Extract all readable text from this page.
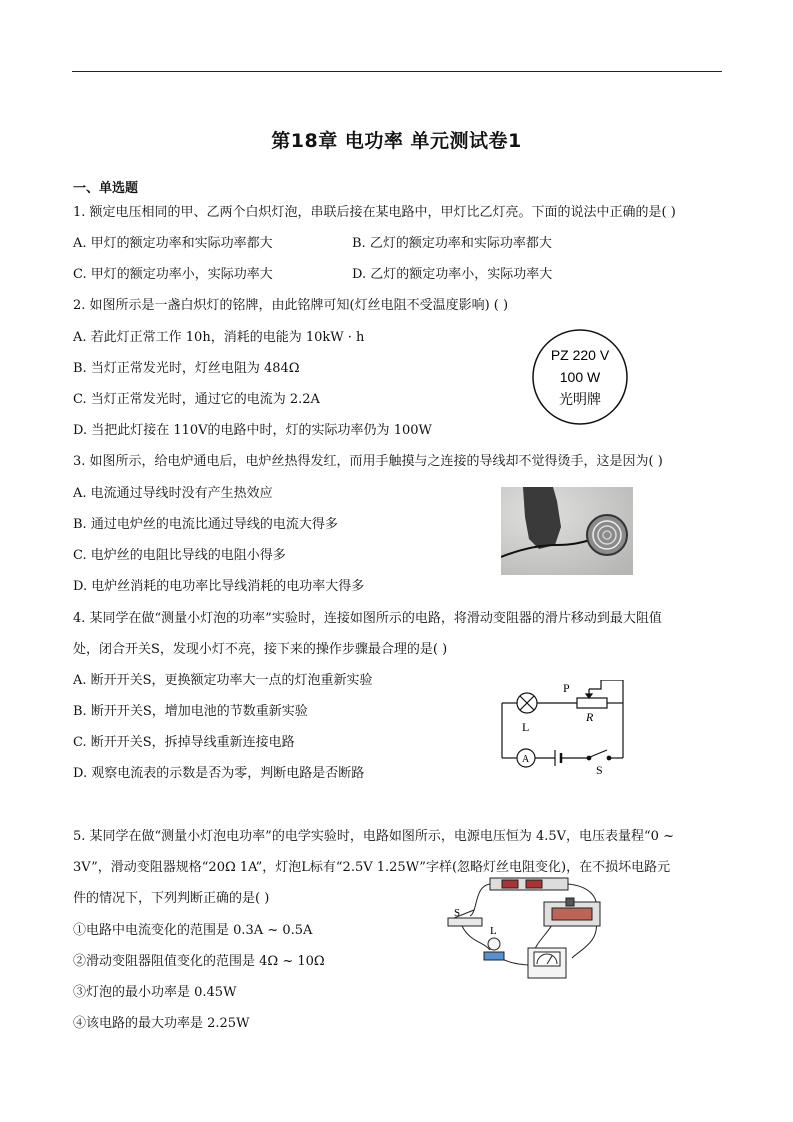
第18章 电功率 单元测试卷1
一、单选题
1. 额定电压相同的甲、乙两个白炽灯泡，串联后接在某电路中，甲灯比乙灯亮。下面的说法中正确的是( )
A. 甲灯的额定功率和实际功率都大	B. 乙灯的额定功率和实际功率都大
C. 甲灯的额定功率小，实际功率大	D. 乙灯的额定功率小，实际功率大
2. 如图所示是一盏白炽灯的铭牌，由此铭牌可知(灯丝电阻不受温度影响) ( )
A. 若此灯正常工作 10h，消耗的电能为 10kW · h
B. 当灯正常发光时，灯丝电阻为 484Ω
C. 当灯正常发光时，通过它的电流为 2.2A
D. 当把此灯接在 110V的电路中时，灯的实际功率仍为 100W
PZ 220 V
100 W
光明牌
3. 如图所示，给电炉通电后，电炉丝热得发红，而用手触摸与之连接的导线却不觉得烫手，这是因为( )
A. 电流通过导线时没有产生热效应
B. 通过电炉丝的电流比通过导线的电流大得多
C. 电炉丝的电阻比导线的电阻小得多
D. 电炉丝消耗的电功率比导线消耗的电功率大得多
4. 某同学在做“测量小灯泡的功率”实验时，连接如图所示的电路，将滑动变阻器的滑片移动到最大阻值
处，闭合开关S，发现小灯不亮，接下来的操作步骤最合理的是( )
A. 断开开关S，更换额定功率大一点的灯泡重新实验
B. 断开开关S，增加电池的节数重新实验
C. 断开开关S，拆掉导线重新连接电路
D. 观察电流表的示数是否为零，判断电路是否断路
P
R
L
A
S
5. 某同学在做“测量小灯泡电功率”的电学实验时，电路如图所示，电源电压恒为 4.5V，电压表量程“0 ~
3V”，滑动变阻器规格“20Ω 1A”，灯泡L标有“2.5V 1.25W”字样(忽略灯丝电阻变化)，在不损坏电路元
件的情况下，下列判断正确的是( )
①电路中电流变化的范围是 0.3A ~ 0.5A
②滑动变阻器阻值变化的范围是 4Ω ~ 10Ω
③灯泡的最小功率是 0.45W
④该电路的最大功率是 2.25W
S
L
